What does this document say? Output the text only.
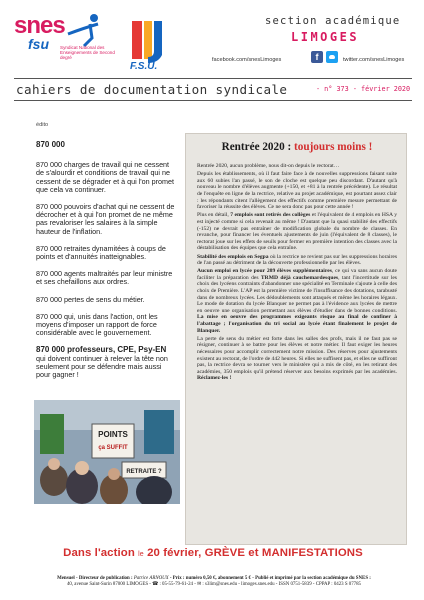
snes
fsu Syndicat National des Enseignements de Second degré
F.S.U.
section académique
LIMOGES
facebook.com/snesLimoges	f	twitter.com/snesLimoges
cahiers de documentation syndicale	- n° 373 - février 2020
édito
870 000

870 000 charges de travail qui ne cessent de s'alourdir et conditions de travail qui ne cessent de se dégrader et à qui l'on promet que cela va continuer.

870 000 pouvoirs d'achat qui ne cessent de décrocher et à qui l'on promet de ne même pas revaloriser les salaires à la simple hauteur de l'inflation.

870 000 retraites dynamitées à coups de points et d'annuités inatteignables.

870 000 agents maltraités par leur ministre et ses chefaillons aux ordres.

870 000 pertes de sens du métier.

870 000 qui, unis dans l'action, ont les moyens d'imposer un rapport de force considérable avec le gouvernement.

870 000 professeurs, CPE, Psy-EN qui doivent continuer à relever la tête non seulement pour se défendre mais aussi pour gagner !

POINTS
ça SUFFIT
RETRAITE ?
Rentrée 2020 : toujours moins !

Rentrée 2020, aucun problème, nous dit-on depuis le rectorat…

Depuis les établissements, où il faut faire face à de nouvelles suppressions faisant suite aux 60 subies l'an passé, le son de cloche est quelque peu discordant. D'autant qu'à nouveau le nombre d'élèves augmente (+150, et +81 à la rentrée précédente). Le résultat de l'enquête en ligne de la rectrice, relative au projet académique, est pourtant assez clair : les répondants citent l'allègement des effectifs comme première mesure permettant de favoriser la réussite des élèves. Ce ne sera donc pas pour cette année !

Plus en détail, 7 emplois sont retirés des collèges et l'équivalent de 4 emplois en HSA y est injecté comme si cela revenait au même ! D'autant que la quasi stabilité des effectifs (-152) ne devrait pas entraîner de modification globale du nombre de classes. En revanche, pour financer les éventuels ajustements de juin (l'équivalent de 8 classes), le rectorat joue sur les effets de seuils pour fermer en première intention des classes avec la déstabilisation des équipes que cela entraîne.

Stabilité des emplois en Segpa où la rectrice ne revient pas sur les suppressions horaires de l'an passé au détriment de la découverte professionnelle par les élèves.

Aucun emploi en lycée pour 209 élèves supplémentaires, ce qui va sans aucun doute faciliter la préparation des TRMD déjà cauchemardesques, tant l'incertitude sur les choix des lycéens contraints d'abandonner une spécialité en Terminale s'ajoute à celle des choix de Première. L'AP est la première victime de l'insuffisance des dotations, tarabusté dans de nombreux lycées. Les dédoublements sont attaqués et même les horaires légaux. Le mode de dotation du lycée Blanquer ne permet pas à l'évidence aux lycées de mettre en oeuvre une organisation permettant aux élèves d'étudier dans de bonnes conditions. La mise en oeuvre des programmes exigeants risque au final de confiner à l'abattage ; l'organisation du tri social au lycée étant finalement le projet de Blanquer.

La perte de sens du métier est forte dans les salles des profs, mais il ne faut pas se résigner, continuer à se battre pour les élèves et notre métier. Il faut exiger les heures nécessaires pour accomplir correctement notre mission. Des réserves pour ajustements existent au rectorat, de l'ordre de 442 heures. Si elles ne suffisent pas, et elles ne suffiront pas, la rectrice devra se tourner vers le ministère qui a mis de côté, en les retirant des académies, 350 emplois qu'il prétend réserver aux besoins exprimés par les académies. Réclamez-les !

Dans l'action le 20 février, GRÈVE et MANIFESTATIONS
Mensuel - Directeur de publication : Patrice ARNOUX - Prix : numéro 0,50 €, abonnement 5 € - Publié et imprimé par la section académique du SNES :
40, avenue Saint-Surin 87000 LIMOGES - ☎ : 05-55-79-61-24 - ✉ : s3lim@snes.edu - limoges.snes.edu - ISSN 0751-5839 - CPPAP : 0423 S 07785
